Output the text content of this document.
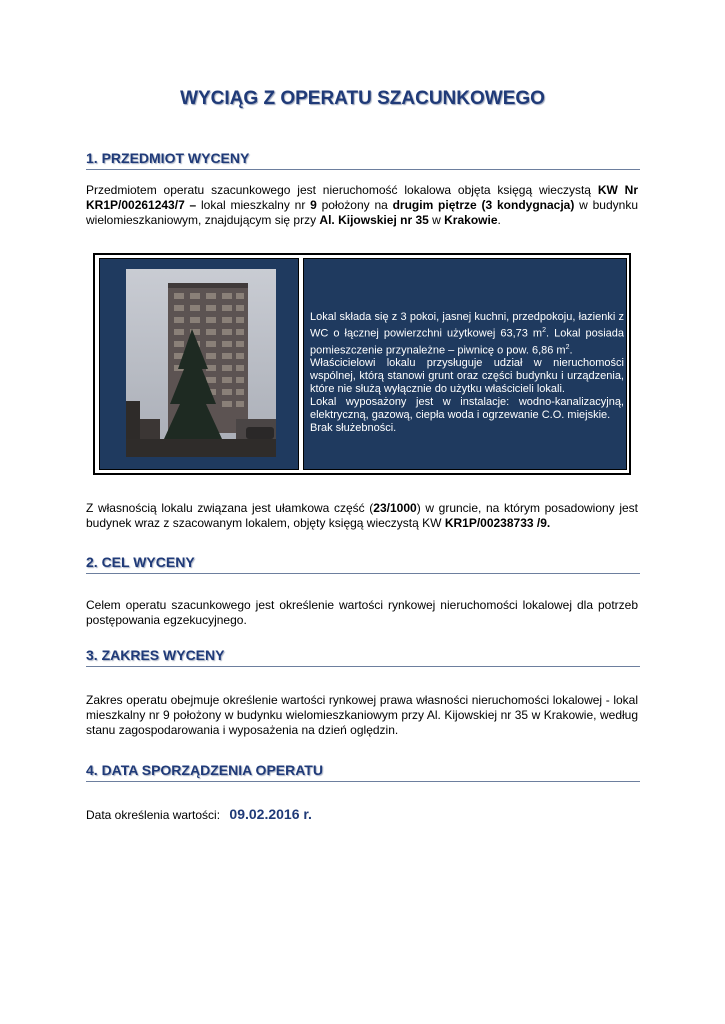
WYCIĄG Z OPERATU SZACUNKOWEGO
1. PRZEDMIOT WYCENY
Przedmiotem operatu szacunkowego jest nieruchomość lokalowa objęta księgą wieczystą KW Nr KR1P/00261243/7 – lokal mieszkalny nr 9 położony na drugim piętrze (3 kondygnacja) w budynku wielomieszkaniowym, znajdującym się przy Al. Kijowskiej nr 35 w Krakowie.

Lokal składa się z 3 pokoi, jasnej kuchni, przedpokoju, łazienki z WC o łącznej powierzchni użytkowej 63,73 $m^2$. Lokal posiada pomieszczenie przynależne – piwnicę o pow. 6,86 $m^2$.

Właścicielowi lokalu przysługuje udział w nieruchomości wspólnej, którą stanowi grunt oraz części budynku i urządzenia, które nie służą wyłącznie do użytku właścicieli lokali.

Lokal wyposażony jest w instalacje: wodno-kanalizacyjną, elektryczną, gazową, ciepła woda i ogrzewanie C.O. miejskie.

Brak służebności.

Z własnością lokalu związana jest ułamkowa część (23/1000) w gruncie, na którym posadowiony jest budynek wraz z szacowanym lokalem, objęty księgą wieczystą KW KR1P/00238733 /9.
2. CEL WYCENY
Celem operatu szacunkowego jest określenie wartości rynkowej nieruchomości lokalowej dla potrzeb postępowania egzekucyjnego.
3. ZAKRES WYCENY
Zakres operatu obejmuje określenie wartości rynkowej prawa własności nieruchomości lokalowej - lokal mieszkalny nr 9 położony w budynku wielomieszkaniowym przy Al. Kijowskiej nr 35 w Krakowie, według stanu zagospodarowania i wyposażenia na dzień oględzin.
4. DATA SPORZĄDZENIA OPERATU
Data określenia wartości: 09.02.2016 r.
